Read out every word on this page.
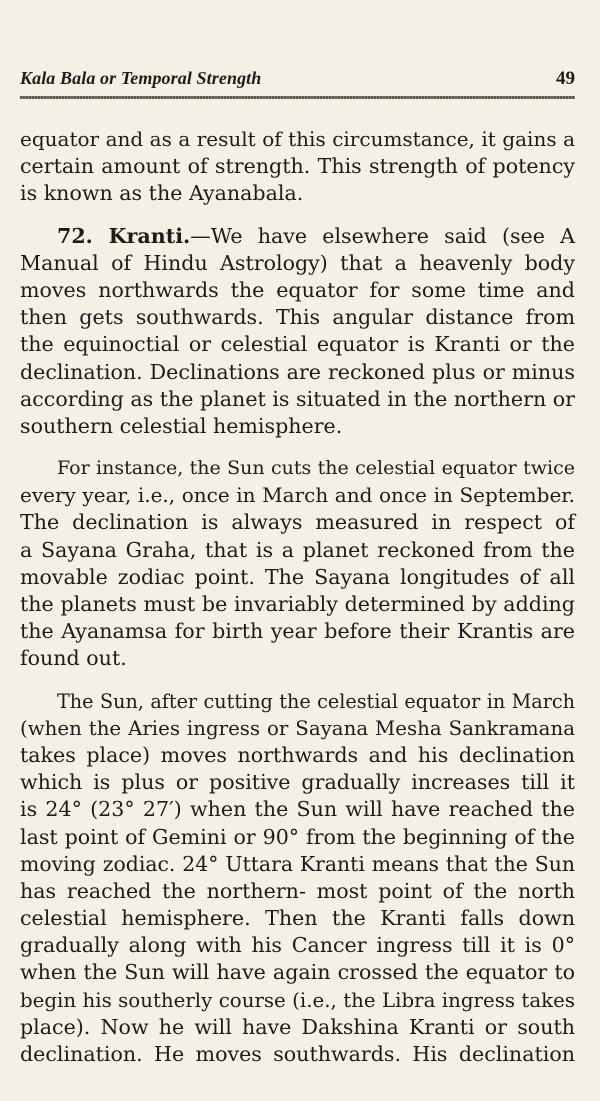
Kala Bala or Temporal Strength	49
equator and as a result of this circumstance, it gains a
certain amount of strength. This strength of potency
is known as the Ayanabala.
72. Kranti.—We have elsewhere said (see A
Manual of Hindu Astrology) that a heavenly body
moves northwards the equator for some time and
then gets southwards. This angular distance from
the equinoctial or celestial equator is Kranti or the
declination. Declinations are reckoned plus or minus
according as the planet is situated in the northern or
southern celestial hemisphere.
For instance, the Sun cuts the celestial equator twice
every year, i.e., once in March and once in September.
The declination is always measured in respect of
a Sayana Graha, that is a planet reckoned from the
movable zodiac point. The Sayana longitudes of all
the planets must be invariably determined by adding
the Ayanamsa for birth year before their Krantis are
found out.
The Sun, after cutting the celestial equator in March
(when the Aries ingress or Sayana Mesha Sankramana
takes place) moves northwards and his declination
which is plus or positive gradually increases till it
is 24° (23° 27′) when the Sun will have reached the
last point of Gemini or 90° from the beginning of the
moving zodiac. 24° Uttara Kranti means that the Sun
has reached the northern- most point of the north
celestial hemisphere. Then the Kranti falls down
gradually along with his Cancer ingress till it is 0°
when the Sun will have again crossed the equator to
begin his southerly course (i.e., the Libra ingress takes
place). Now he will have Dakshina Kranti or south
declination. He moves southwards. His declination
